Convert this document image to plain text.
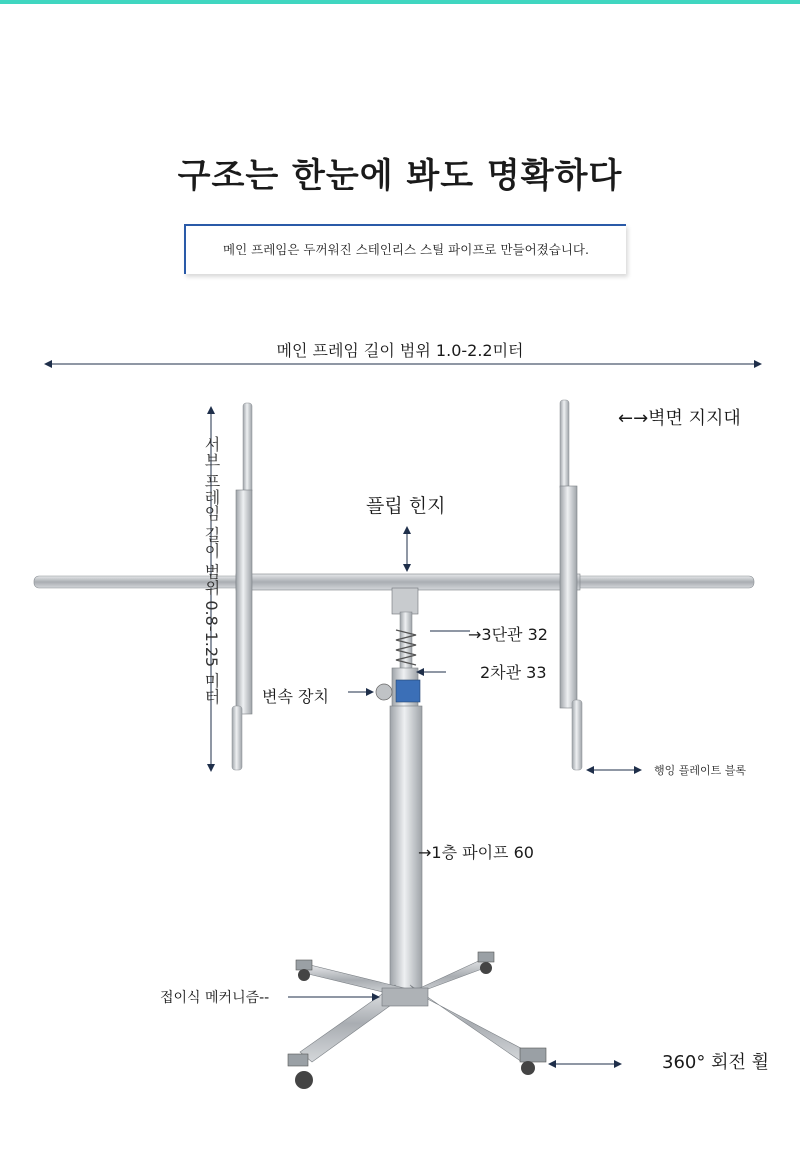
구조는 한눈에 봐도 명확하다
메인 프레임은 두꺼워진 스테인리스 스틸 파이프로 만들어졌습니다.
메인 프레임 길이 범위 1.0-2.2미터
←→벽면 지지대
서브 프레임 길이 범위 0.8-1.25 미터	플립 힌지
→3단관 32
2차관 33
변속 장치
행잉 플레이트 블록
→1층 파이프 60
접이식 메커니즘--
360° 회전 휠
